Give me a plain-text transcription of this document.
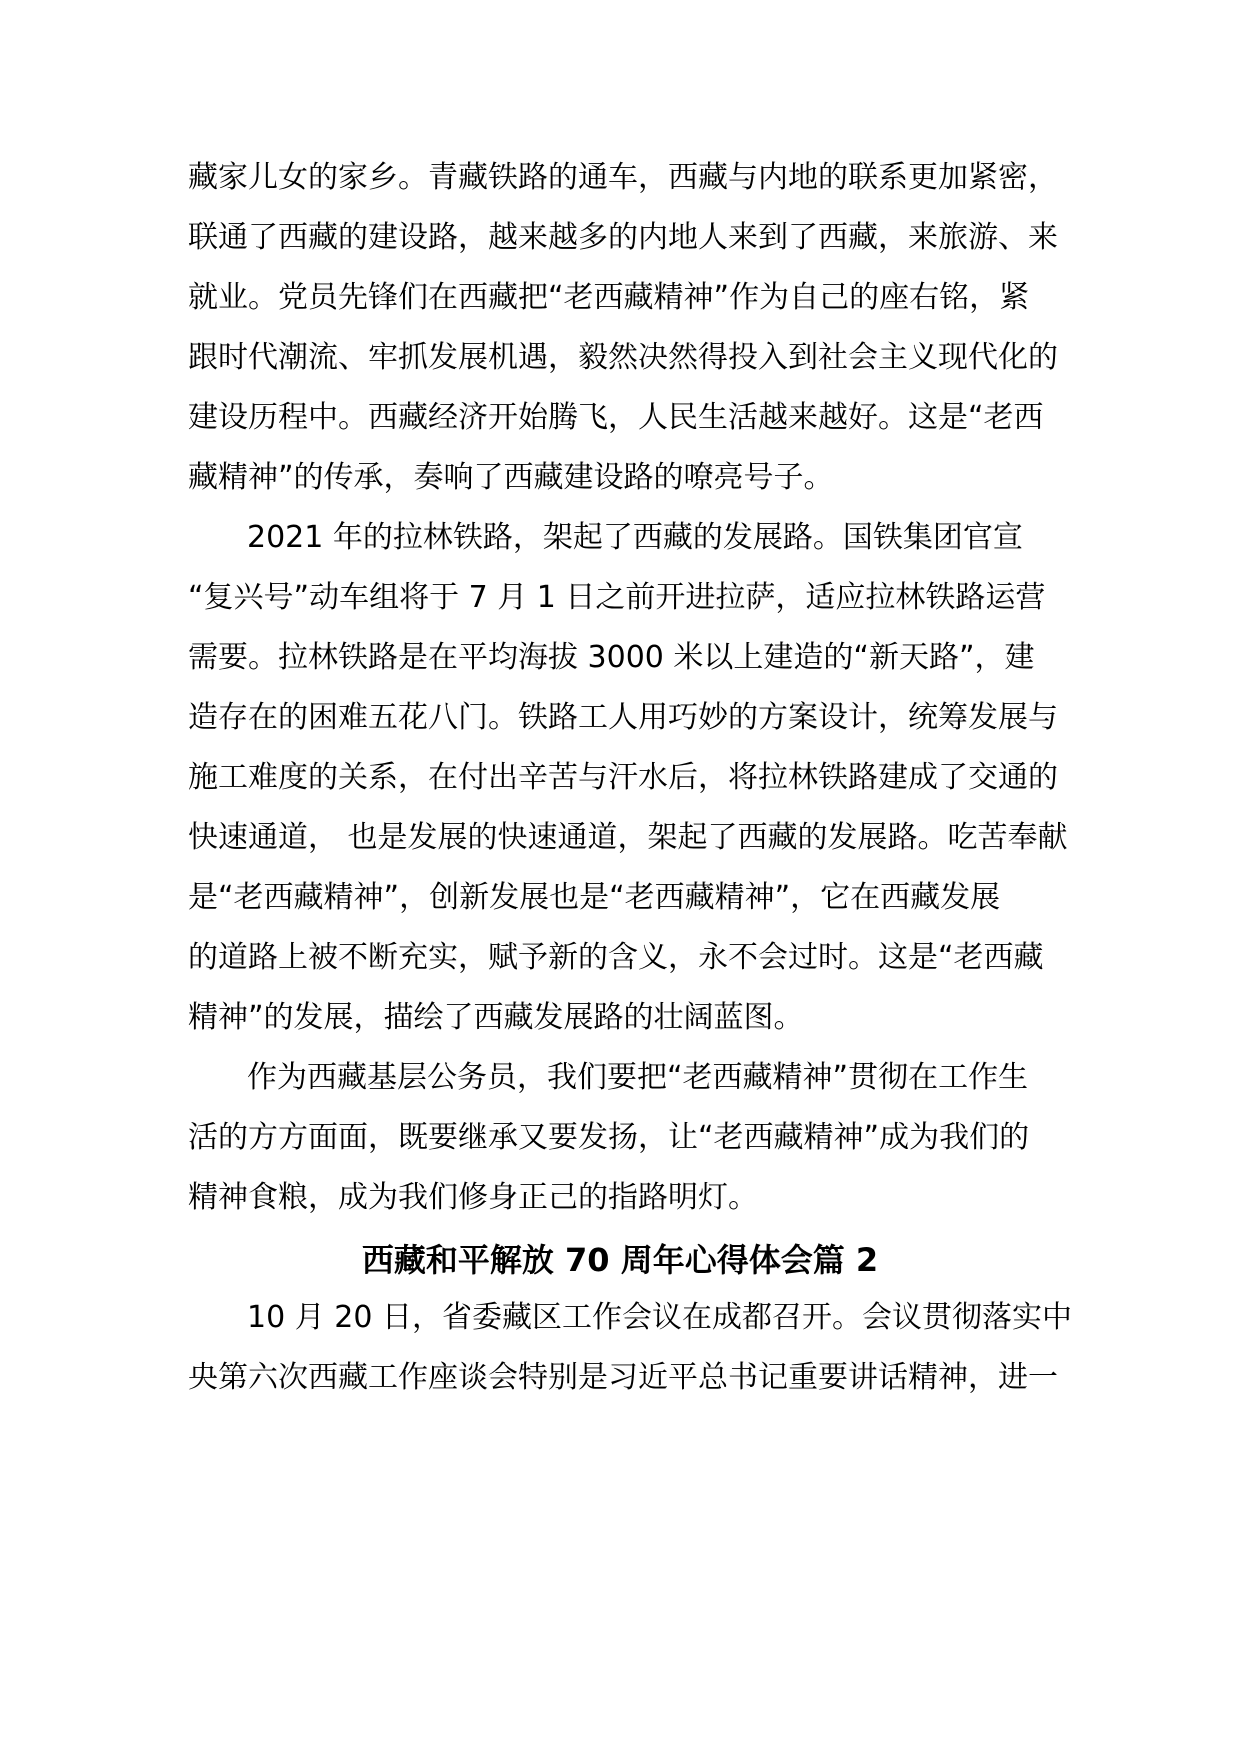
藏家儿女的家乡。青藏铁路的通车，西藏与内地的联系更加紧密，
联通了西藏的建设路，越来越多的内地人来到了西藏，来旅游、来
就业。党员先锋们在西藏把“老西藏精神”作为自己的座右铭，紧
跟时代潮流、牢抓发展机遇，毅然决然得投入到社会主义现代化的
建设历程中。西藏经济开始腾飞，人民生活越来越好。这是“老西
藏精神”的传承，奏响了西藏建设路的嘹亮号子。
2021 年的拉林铁路，架起了西藏的发展路。国铁集团官宣
“复兴号”动车组将于 7 月 1 日之前开进拉萨，适应拉林铁路运营
需要。拉林铁路是在平均海拔 3000 米以上建造的“新天路”，建
造存在的困难五花八门。铁路工人用巧妙的方案设计，统筹发展与
施工难度的关系，在付出辛苦与汗水后，将拉林铁路建成了交通的
快速通道， 也是发展的快速通道，架起了西藏的发展路。吃苦奉献
是“老西藏精神”，创新发展也是“老西藏精神”，它在西藏发展
的道路上被不断充实，赋予新的含义，永不会过时。这是“老西藏
精神”的发展，描绘了西藏发展路的壮阔蓝图。
作为西藏基层公务员，我们要把“老西藏精神”贯彻在工作生
活的方方面面，既要继承又要发扬，让“老西藏精神”成为我们的
精神食粮，成为我们修身正己的指路明灯。
西藏和平解放 70 周年心得体会篇 2
10 月 20 日，省委藏区工作会议在成都召开。会议贯彻落实中
央第六次西藏工作座谈会特别是习近平总书记重要讲话精神，进一
